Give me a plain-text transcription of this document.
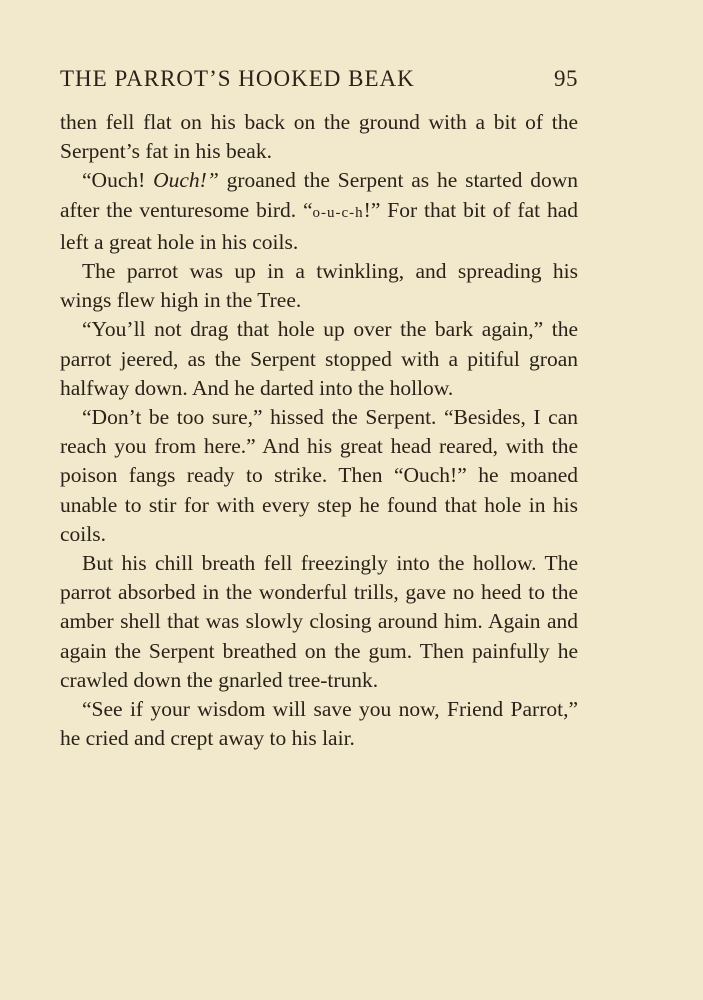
THE PARROT’S HOOKED BEAK	95

then fell flat on his back on the ground with a bit of the Serpent’s fat in his beak.

“Ouch! Ouch!” groaned the Serpent as he started down after the venturesome bird. “o-u-c-h!” For that bit of fat had left a great hole in his coils.

The parrot was up in a twinkling, and spreading his wings flew high in the Tree.

“You’ll not drag that hole up over the bark again,” the parrot jeered, as the Serpent stopped with a pitiful groan halfway down. And he darted into the hollow.

“Don’t be too sure,” hissed the Serpent. “Besides, I can reach you from here.” And his great head reared, with the poison fangs ready to strike. Then “Ouch!” he moaned unable to stir for with every step he found that hole in his coils.

But his chill breath fell freezingly into the hollow. The parrot absorbed in the wonderful trills, gave no heed to the amber shell that was slowly closing around him. Again and again the Serpent breathed on the gum. Then painfully he crawled down the gnarled tree-trunk.

“See if your wisdom will save you now, Friend Parrot,” he cried and crept away to his lair.
